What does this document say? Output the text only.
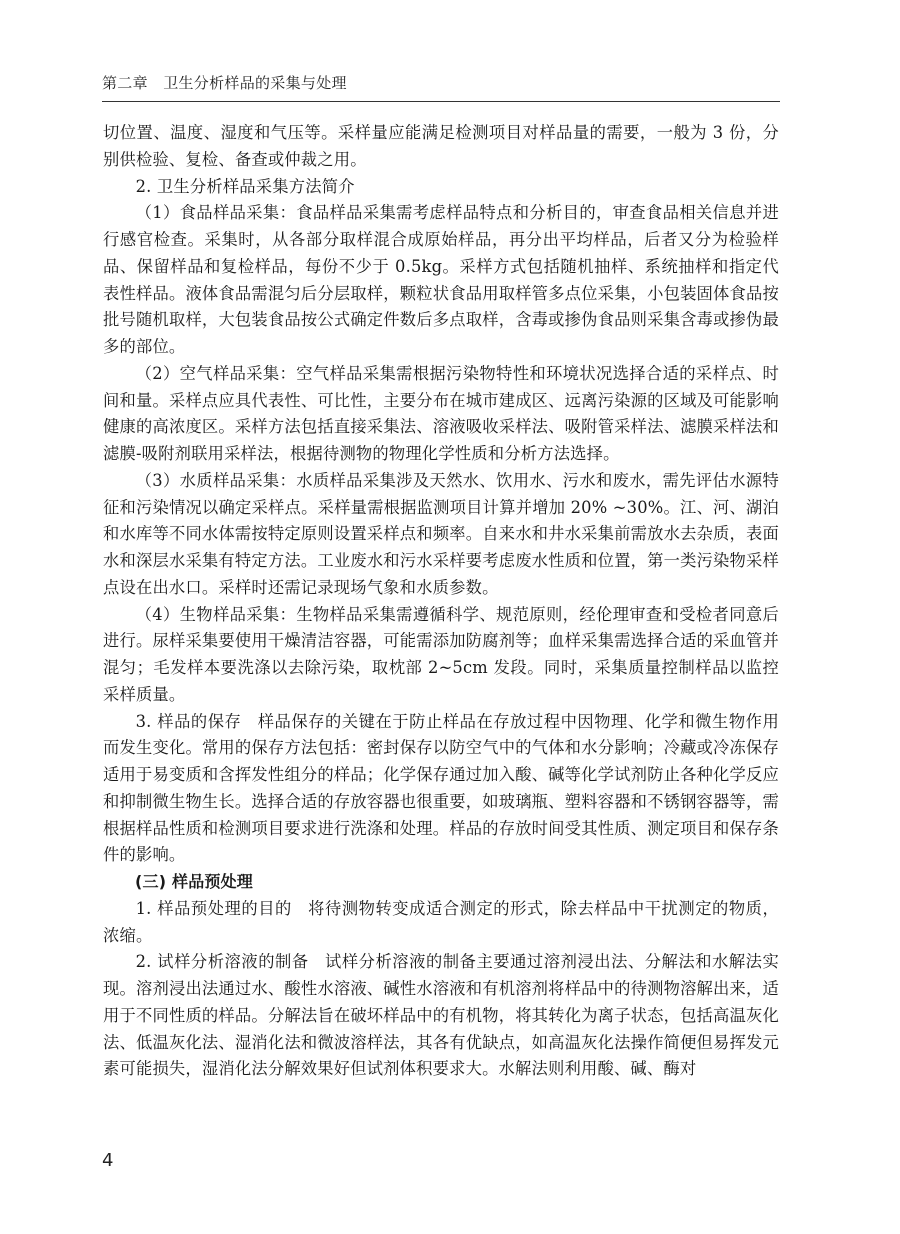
第二章　卫生分析样品的采集与处理

切位置、温度、湿度和气压等。采样量应能满足检测项目对样品量的需要，一般为 3 份，分别供检验、复检、备查或仲裁之用。

2. 卫生分析样品采集方法简介

（1）食品样品采集：食品样品采集需考虑样品特点和分析目的，审查食品相关信息并进行感官检查。采集时，从各部分取样混合成原始样品，再分出平均样品，后者又分为检验样品、保留样品和复检样品，每份不少于 0.5kg。采样方式包括随机抽样、系统抽样和指定代表性样品。液体食品需混匀后分层取样，颗粒状食品用取样管多点位采集，小包装固体食品按批号随机取样，大包装食品按公式确定件数后多点取样，含毒或掺伪食品则采集含毒或掺伪最多的部位。

（2）空气样品采集：空气样品采集需根据污染物特性和环境状况选择合适的采样点、时间和量。采样点应具代表性、可比性，主要分布在城市建成区、远离污染源的区域及可能影响健康的高浓度区。采样方法包括直接采集法、溶液吸收采样法、吸附管采样法、滤膜采样法和滤膜-吸附剂联用采样法，根据待测物的物理化学性质和分析方法选择。

（3）水质样品采集：水质样品采集涉及天然水、饮用水、污水和废水，需先评估水源特征和污染情况以确定采样点。采样量需根据监测项目计算并增加 20% ~30%。江、河、湖泊和水库等不同水体需按特定原则设置采样点和频率。自来水和井水采集前需放水去杂质，表面水和深层水采集有特定方法。工业废水和污水采样要考虑废水性质和位置，第一类污染物采样点设在出水口。采样时还需记录现场气象和水质参数。

（4）生物样品采集：生物样品采集需遵循科学、规范原则，经伦理审查和受检者同意后进行。尿样采集要使用干燥清洁容器，可能需添加防腐剂等；血样采集需选择合适的采血管并混匀；毛发样本要洗涤以去除污染，取枕部 2~5cm 发段。同时，采集质量控制样品以监控采样质量。

3. 样品的保存 样品保存的关键在于防止样品在存放过程中因物理、化学和微生物作用而发生变化。常用的保存方法包括：密封保存以防空气中的气体和水分影响；冷藏或冷冻保存适用于易变质和含挥发性组分的样品；化学保存通过加入酸、碱等化学试剂防止各种化学反应和抑制微生物生长。选择合适的存放容器也很重要，如玻璃瓶、塑料容器和不锈钢容器等，需根据样品性质和检测项目要求进行洗涤和处理。样品的存放时间受其性质、测定项目和保存条件的影响。

(三) 样品预处理

1. 样品预处理的目的 将待测物转变成适合测定的形式，除去样品中干扰测定的物质，浓缩。

2. 试样分析溶液的制备 试样分析溶液的制备主要通过溶剂浸出法、分解法和水解法实现。溶剂浸出法通过水、酸性水溶液、碱性水溶液和有机溶剂将样品中的待测物溶解出来，适用于不同性质的样品。分解法旨在破坏样品中的有机物，将其转化为离子状态，包括高温灰化法、低温灰化法、湿消化法和微波溶样法，其各有优缺点，如高温灰化法操作简便但易挥发元素可能损失，湿消化法分解效果好但试剂体积要求大。水解法则利用酸、碱、酶对

4
